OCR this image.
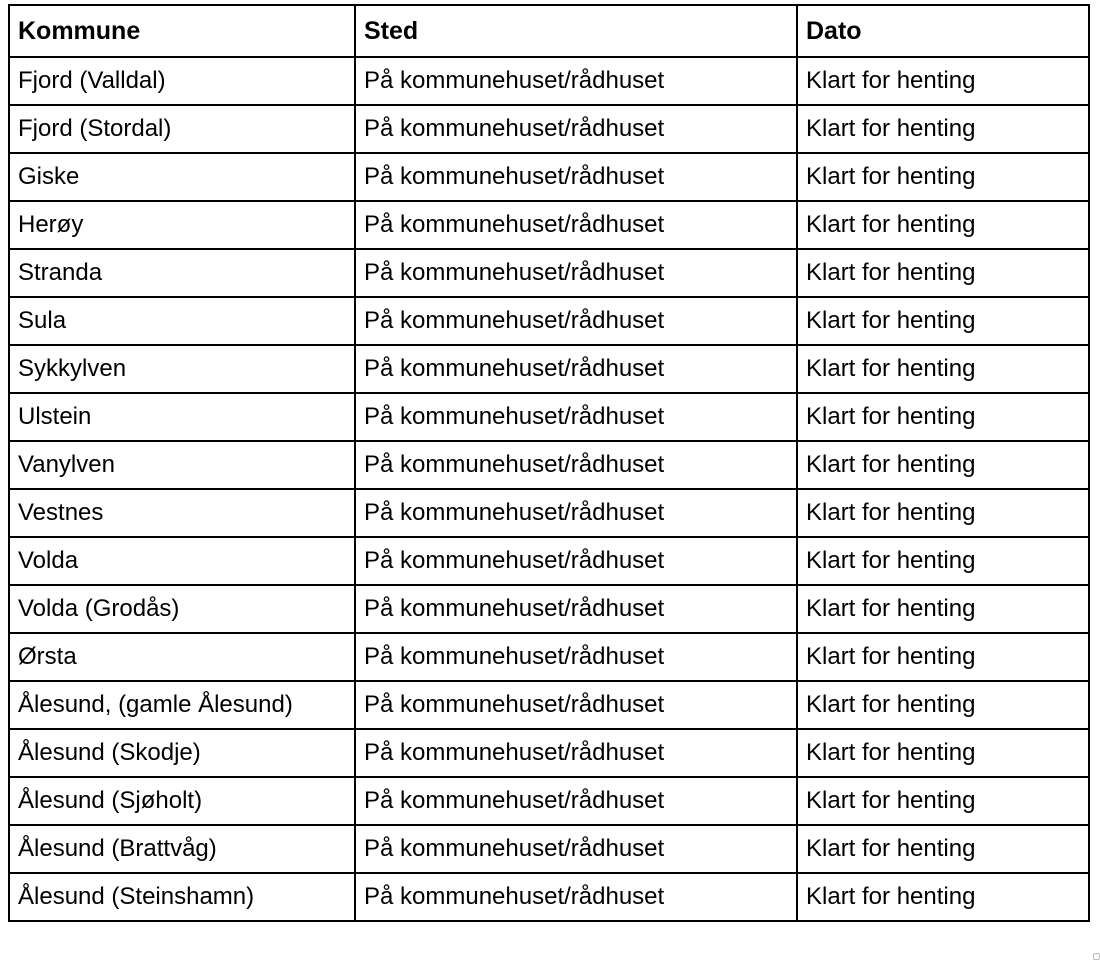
Kommune	Sted	Dato
Fjord (Valldal)	På kommunehuset/rådhuset	Klart for henting
Fjord (Stordal)	På kommunehuset/rådhuset	Klart for henting
Giske	På kommunehuset/rådhuset	Klart for henting
Herøy	På kommunehuset/rådhuset	Klart for henting
Stranda	På kommunehuset/rådhuset	Klart for henting
Sula	På kommunehuset/rådhuset	Klart for henting
Sykkylven	På kommunehuset/rådhuset	Klart for henting
Ulstein	På kommunehuset/rådhuset	Klart for henting
Vanylven	På kommunehuset/rådhuset	Klart for henting
Vestnes	På kommunehuset/rådhuset	Klart for henting
Volda	På kommunehuset/rådhuset	Klart for henting
Volda (Grodås)	På kommunehuset/rådhuset	Klart for henting
Ørsta	På kommunehuset/rådhuset	Klart for henting
Ålesund, (gamle Ålesund)	På kommunehuset/rådhuset	Klart for henting
Ålesund (Skodje)	På kommunehuset/rådhuset	Klart for henting
Ålesund (Sjøholt)	På kommunehuset/rådhuset	Klart for henting
Ålesund (Brattvåg)	På kommunehuset/rådhuset	Klart for henting
Ålesund (Steinshamn)	På kommunehuset/rådhuset	Klart for henting
